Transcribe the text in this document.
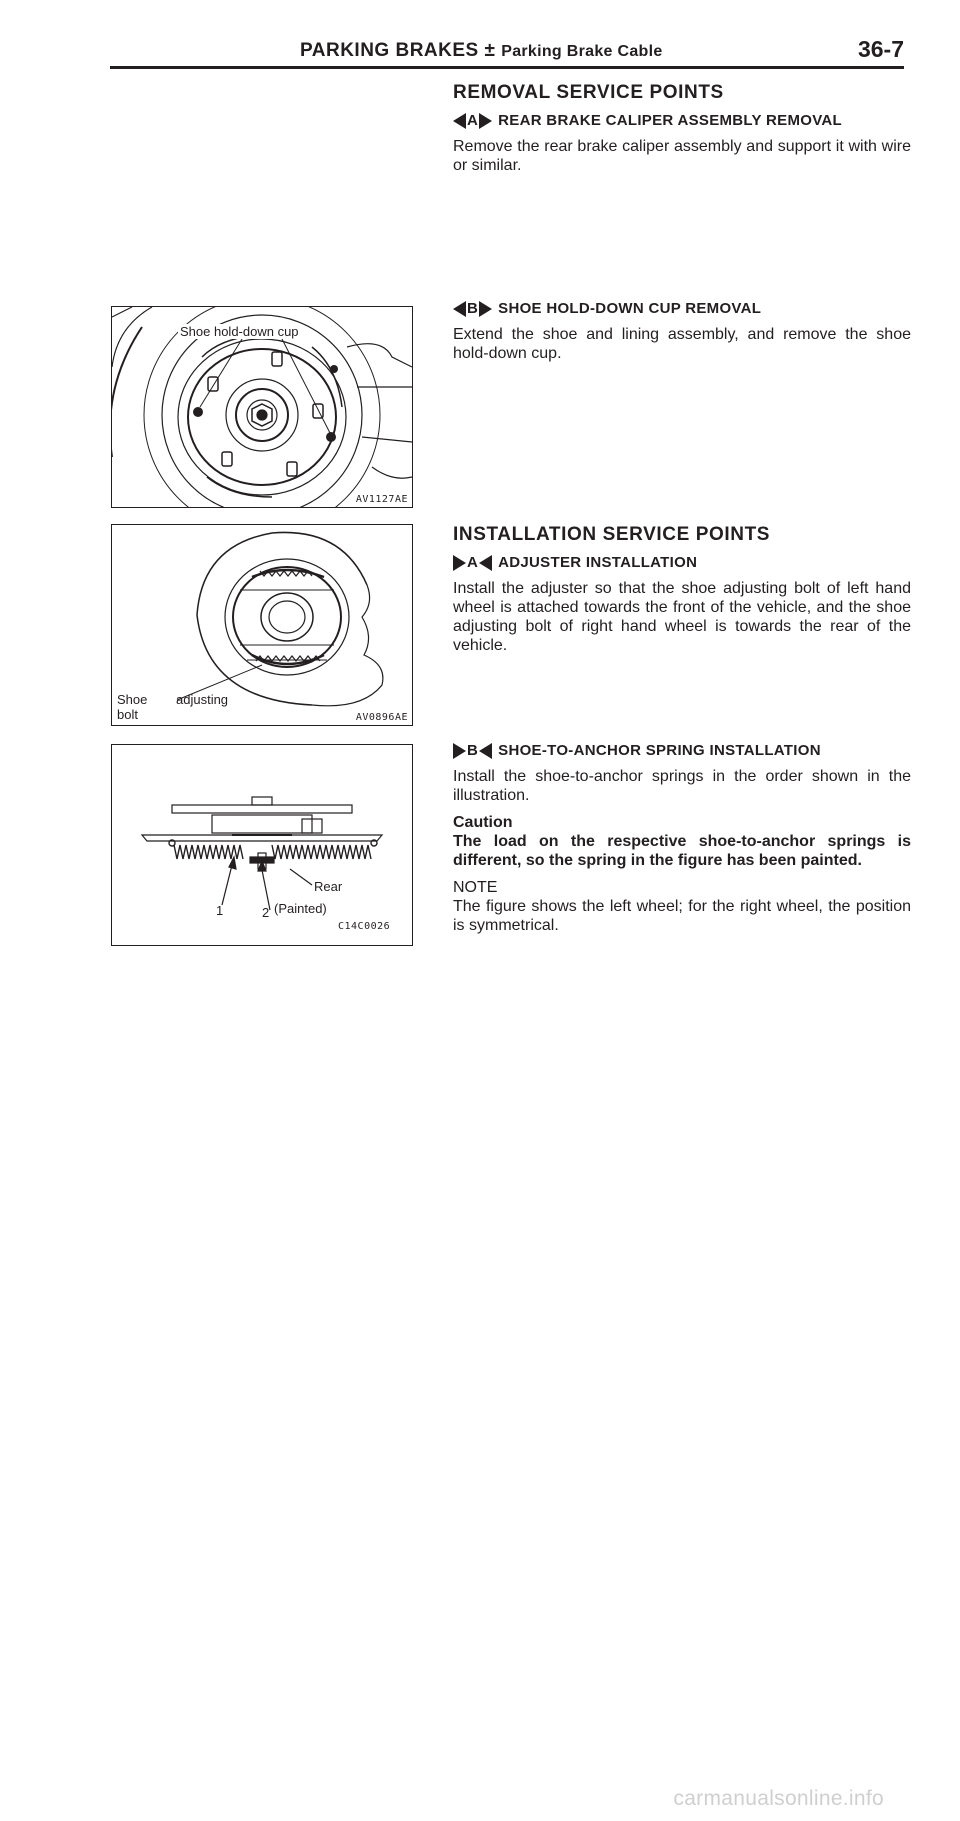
PARKING BRAKES ± Parking Brake Cable	36-7
REMOVAL SERVICE POINTS
A REAR BRAKE CALIPER ASSEMBLY REMOVAL

Remove the rear brake caliper assembly and support it with wire or similar.

B SHOE HOLD-DOWN CUP REMOVAL

Extend the shoe and lining assembly, and remove the shoe hold-down cup.

INSTALLATION SERVICE POINTS
A ADJUSTER INSTALLATION

Install the adjuster so that the shoe adjusting bolt of left hand wheel is attached towards the front of the vehicle, and the shoe adjusting bolt of right hand wheel is towards the rear of the vehicle.

B SHOE-TO-ANCHOR SPRING INSTALLATION

Install the shoe-to-anchor springs in the order shown in the illustration.

Caution

The load on the respective shoe-to-anchor springs is different, so the spring in the figure has been painted.

NOTE

The figure shows the left wheel; for the right wheel, the position is symmetrical.

Shoe hold-down cup
AV1127AE
Shoe adjusting
bolt	AV0896AE
Rear
1	2 (Painted)
C14C0026
carmanualsonline.info
